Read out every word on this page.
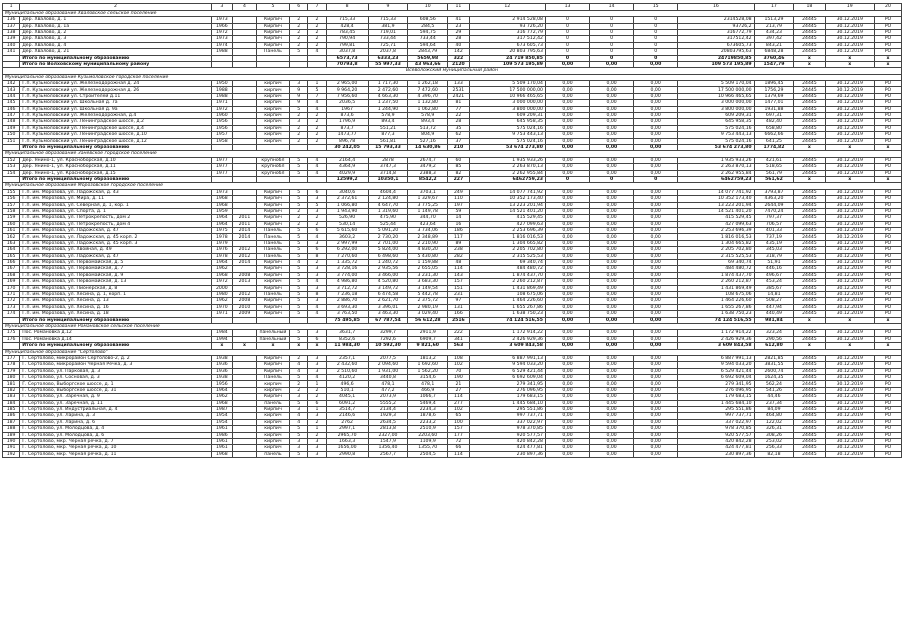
1	2	3	4	5	6	7	8	9	10	11	12	13	14	15	16	17	18	19	20
Муниципальное образование Хваловское сельское поселение																			
136	Дер. Хвалово, д. 1	1973		Кирпич	2	2	715,33	715,33	608,56	41	2 914 528,08	0	0	0	2314528,08	1513,29	24445	30.12.2019	РО
137	Дер. Хвалово, д. 1а	1966		Кирпич	2	2	428,4	381,9	284,5	23	93 726,20	0	0	0	93726,2	213,79	24445	30.12.2019	РО
138	Дер. Хвалово, д. 2	1972		Кирпич	2	2	783,45	719,01	594,75	29	316 772,79	0	0	0	316772,79	434,23	24445	30.12.2019	РО
139	Дер. Хвалово, д. 3	1973		Кирпич	2	2	790,94	733,44	733,44	28	317 512,42	0	0	0	317512,42	397,42	24445	30.12.2019	РО
140	Дер. Хвалово, д. 4	1974		Кирпич	2	2	799,81	725,71	594,64	40	673 605,73	0	0	0	673605,73	843,21	24445	30.12.2019	РО
141	Дер. Хвалово, д. 21	1988		Панель	5	4	3037,8	2037,8	2843,79	142	20 803 795,63	0	0	0	20803795,63	6848,28	24445	30.12.2019	РО
	Итого по муниципальному образованию						6573,73	6333,23	5659,98	322	24 719 850,85	0	0	0	24719850,85	3760,46	х	х	х
	Итого по Волховскому муниципальному району						70793,8	55 997,33	43 963,66	2120	109 573 195,89	0,00	0,00	0,00	109 573 195,89	1547,79	х	х	х
Всеволожский муниципальный район																			
Муниципальное образование Кузьмоловское городское поселение																			
142	Г.п. Кузьмоловский ул. Железнодорожная д. 24	1950		кирпич	3	1	2 965,00	1 717,30	1 262,18	133	5 509 170,04	0,00	0,00	0,00	5 509 170,04	1896,45	24445	30.12.2019	РО
143	Г.п. Кузьмоловский ул. Железнодорожная д. 26	1988		кирпич	9	5	9 964,20	2 472,60	7 472,60	2531	17 500 000,00	0,00	0,00	0,00	17 500 000,00	1756,29	24445	30.12.2019	РО
144	Г.п. Кузьмоловский ул. Строителей д.11	1988		кирпич	9	7	7 956,60	4 663,30	4 396,70	2421	10 966 465,65	0,00	0,00	0,00	10 966 465,65	1379,69	24445	30.12.2019	РО
145	Г.п. Кузьмоловский ул. Школьная д. 7а	1971		кирпич	9	4	2036,5	1 237,50	1 132,80	81	3 000 000,00	0,00	0,00	0,00	3 000 000,00	1477,01	24445	30.12.2019	РО
146	Г.п. Кузьмоловский ул. Школьная д. 9а	1972		кирпич	5	4	1967	1 244,90	1 062,80	77	3 800 000,00	0,00	0,00	0,00	3 800 000,00	1931,88	24445	30.12.2019	РО
147	Г.п. Кузьмоловский ул. Железнодорожная, д.4	1960		кирпич	2	2	873,6	578,9	578,9	22	609 209,31	0,00	0,00	0,00	609 209,31	697,31	24445	30.12.2019	РО
148	Г.п. Кузьмоловский ул. Ленинградское шоссе, д.2	1956		кирпич	3	2	1796,9	893,4	893,4	28	645 958,35	0,00	0,00	0,00	645 958,35	482,40	24445	30.12.2019	РО
149	Г.п. Кузьмоловский ул. Ленинградское шоссе, д.4	1956		кирпич	2	2	873,7	551,21	513,72	35	575 024,16	0,00	0,00	0,00	575 024,16	658,80	24445	30.12.2019	РО
150	Г.п. Кузьмоловский ул. Ленинградское шоссе, д.10	1957		кирпич	2	2	1473,77	877,3	804,9	62	9 753 443,13	0,00	0,00	0,00	9 753 443,13	6662,66	24445	30.12.2019	РО
151	Г.п. Кузьмоловский ул. Ленинградское шоссе, д.12	1958		кирпич	2	2	896,78	561,81	527,16	37	575 024,16	0,00	0,00	0,00	575 024,16	641,25	24445	30.12.2019	РО
	Итого по муниципальному образованию						30 242,05	15 793,33	14 630,86	210	53 674 273,80	0,00	0,00	0,00	53 674 273,80	1774,82	х	х	х
Муниципальное образование Заневское городское поселение																			
152	Дер. Янино-1, ул. Красноборская, д.10	1977		крупнобл	5	4	2164,4	2878	2674,7	60	1 935 933,26	0,00	0,00	0,00	1 935 933,26	421,61	24445	30.12.2019	РО
153	Дер. Янино-1, ул. Красноборская, д.11	1977		крупнобл	5	4	4364,9	3747,3	3479,2	85	2 263 870,13	0,00	0,00	0,00	2 263 870,13	518,65	24445	30.12.2019	РО
154	Дер. Янино-1, ул. Красноборская, д.15	1977		крупнобл	5	4	4029,9	3714,8	2388,3	82	2 262 955,84	0,00	0,00	0,00	2 262 955,84	561,79	24445	30.12.2019	РО
	Итого по муниципальному образованию						12599,2	10350,1	8542,2	227	6462759,23	0	0	0	6462759,23	561,62	х	х	х
Муниципальное образование Морозовское городское поселение																			
155	Г.п. им. Морозова, ул. Ладожская, д. 43	1973		Кирпич	5	6	3040,6	4604,4	3703,1	249	14 077 741,92	0,00	0,00	0,00	14 077 741,92	3793,87	24445	30.12.2019	РО
156	Г.п. им. Морозова, ул. Мира, д. 11	1968		Кирпич	5	3	2 372,61	2 124,80	1 329,67	110	10 352 173,40	0,00	0,00	0,00	10 352 173,40	4363,20	24445	30.12.2019	РО
157	Г.п. им. Морозова, ул. Северная, д. 1, кор. 1	1968		Кирпич	5	5	1 066,80	4 647,70	3 775,25	197	13 223 201,94	0,00	0,00	0,00	13 223 201,94	2644,09	24445	30.12.2019	РО
158	Г.п. им. Морозова, ул. Спорта, д. 1	1959		Кирпич	2	3	1 943,90	1 319,60	1 149,78	59	14 521 401,20	0,00	0,00	0,00	14 521 401,20	7470,24	24445	30.12.2019	РО
159	Г.п. им. Морозова, ул. Петрокрепость, дом 2	1964	2011	Кирпич	2	2	526,90	475,90	344,70	14	415 529,45	0,00	0,00	0,00	415 529,45	797,37	24445	30.12.2019	РО
160	Г.п. им. Морозова, ул. Петрокрепость, дом 4	1964	2011	Кирпич	2	2	530,14	525,44	423,64	16	427 099,63	0,00	0,00	0,00	427 099,63	706,57	24445	30.12.2019	РО
161	Г.п. им. Морозова, ул. Ладожская, д. 47	1975	2014	Панель	5	6	5 615,60	5 091,20	3 734,06	186	2 253 696,39	0,00	0,00	0,00	2 253 696,39	401,33	24445	30.12.2019	РО
162	Г.п. им. Морозова, ул. Ладожская, д. 45 корп. 2	1978	2014	Панель	5	4	3603,2	2 730,20	2 348,89	117	1 816 016,53	0,00	0,00	0,00	1 816 016,53	737,19	24445	30.12.2019	РО
163	Г.п. им. Морозова, ул. Ладожская, д. 45 корп. 3	1979		Панель	5	3	2 997,99	2 701,00	2 210,90	89	1 304 665,82	0,00	0,00	0,00	1 304 665,82	435,19	24445	30.12.2019	РО
164	Г.п. им. Морозова, ул. Хвойная, д. 49	1976	2012	Панель	5	6	6 292,00	5 824,00	4 830,20	238	2 205 702,80	0,00	0,00	0,00	2 205 702,80	345,03	24445	30.12.2019	РО
165	Г.п. им. Морозова, ул. Ладожская, д. 47	1978	2012	Панель	5	8	7 270,60	6 498,60	5 430,80	282	2 315 525,53	0,00	0,00	0,00	2 315 525,53	318,79	24445	30.12.2019	РО
166	Г.п. им. Морозова, ул. Первомайская, д. 5	1964	2014	Кирпич	4	2	1 335,72	1 240,72	1 159,88	48	69 340,74	0,00	0,00	0,00	69 340,74	51,91	24445	30.12.2019	РО
167	Г.п. им. Морозова, ул. Первомайская, д. 7	1962		Кирпич	5	3	3 728,16	2 935,56	2 655,05	114	484 480,72	0,00	0,00	0,00	484 480,72	446,16	24445	30.12.2019	РО
168	Г.п. им. Морозова, ул. Первомайская, д. 9	1968	2008	Кирпич	5	3	3 774,00	3 466,00	3 231,30	143	1 874 437,70	0,00	0,00	0,00	1 874 437,70	496,67	24445	30.12.2019	РО
169	Г.п. им. Морозова, ул. Первомайская, д. 13	1972	2013	кирпич	5	4	4 986,80	4 520,80	3 683,30	157	2 260 212,87	0,00	0,00	0,00	2 260 212,87	453,24	24445	30.12.2019	РО
170	Г.п. им. Морозова, ул. Пионерская, д. 8	2000		Кирпич	5	3	3 712,72	3 149,72	3 149,54	151	1 431 869,49	0,00	0,00	0,00	1 431 869,49	385,67	24445	30.12.2019	РО
171	Г.п. им. Морозова, ул. Хесина, д. 1, корп. 1	1980	2012	Панель	5	8	7 236,18	6 474,58	5 442,78	231	108 675,06	0,00	0,00	0,00	108 675,06	14,81	24445	30.12.2019	РО
172	Г.п. им. Морозова, ул. Хесина, д. 13	1962	2008	Кирпич	5	3	2 886,70	2 621,70	2 375,72	97	1 464 226,60	0,00	0,00	0,00	1 464 226,60	508,27	24445	30.12.2019	РО
173	Г.п. им. Морозова, ул. Хесина, д. 16	1970	2010	Кирпич	5	4	3 693,30	3 396,01	2 980,19	131	1 655 267,86	0,00	0,00	0,00	1 655 267,86	447,94	24445	30.12.2019	РО
174	Г.п. им. Морозова, ул. Хесина, д. 18	1971	2009	Кирпич	5	4	3 763,50	3 463,30	3 029,40	166	1 638 750,23	0,00	0,00	0,00	1 638 750,23	440,49	24445	30.12.2019	РО
	Итого по муниципальному образованию						75 495,85	67 787,54	56 612,28	2516	74 124 516,55	0,00	0,00	0,00	74 124 516,55	981,84	х	х	х
Муниципальное образование Романовское сельское поселение																			
175	Пос. Романовка д.12	1984		панельный	5	3	3631,7	3299,7	2911,9	222	1 172 914,22	0,00	0,00	0,00	1 172 914,22	323,24	24445	30.12.2019	РО
176	Пос. Романовка д.14	1994		панельный	5	6	8352,6	7292,6	6909,7	341	2 426 929,36	0,00	0,00	0,00	2 426 929,36	290,56	24445	30.12.2019	РО
	Итого по муниципальному образованию	х	х	х	х	х	11 984,30	10 592,30	9 821,60	563	3 609 843,58	0,00	0,00	0,00	3 609 843,58	612,80	х	х	х
Муниципальное образование "Сертолово"																			
177	Г. Сертолово, микрорайон Сертолово-2, д. 2	1938		Кирпич	2	3	2357,1	2077,5	1813,2	108	6 887 991,13	0,00	0,00	0,00	6 887 991,13	2821,85	24445	30.12.2019	РО
178	Г. Сертолово, микрорайон Черная Речка, д. 3	1936		Кирпич	4	3	2 432,60	2 094,60	1 692,60	102	9 594 033,20	0,00	0,00	0,00	9 594 033,20	3831,55	24445	30.12.2019	РО
179	Г. Сертолово, ул. Парковая, д. 3	1936		Кирпич	4	3	2 510,60	1 931,00	1 562,20	70	6 529 421,44	0,00	0,00	0,00	6 529 421,44	2600,74	24445	30.12.2019	РО
180	Г. Сертолово, ул. Сосновая, д. 3	1938		Панель	5	4	4120,2	3440,8	3154,6	190	6 692 609,04	0,00	0,00	0,00	6 692 609,04	1624,35	24445	30.12.2019	РО
181	Г. Сертолово, Выборгское шоссе, д. 1	1956		кирпич	2	1	496,6	478,1	478,1	21	279 341,95	0,00	0,00	0,00	279 341,95	562,24	24445	30.12.2019	РО
182	Г. Сертолово, Выборгское шоссе, д. 31	1964		кирпич	2	2	510,1	477,2	466,9	27	276 096,95	0,00	0,00	0,00	276 096,95	541,26	24445	30.12.2019	РО
183	Г. Сертолово, ул. Заречная, д. 9	1962		Кирпич	3	2	4045,1	2073,9	1066,7	114	179 683,15	0,00	0,00	0,00	179 683,15	44,46	24445	30.12.2019	РО
184	Г. Сертолово, ул. Заречная, д. 11	1968		панель	5	6	6091,2	5555,2	5469,4	277	1 445 684,10	0,00	0,00	0,00	1 445 684,10	237,34	24445	30.12.2019	РО
185	Г. Сертолово, ул. Индустриальная, д. 4	1987		Кирпич	3	1	3514,7	2134,4	2234,3	102	295 551,86	0,00	0,00	0,00	295 551,86	84,09	24445	30.12.2019	РО
186	Г. Сертолово, ул. Ларина, д. 3	1954		кирпич	4	3	2146,6	1929,3	1878,6	65	997 737,71	0,00	0,00	0,00	997 737,71	464,80	24445	30.12.2019	РО
187	Г. Сертолово, ул. Ларина, д. 6	1954		кирпич	4	2	2762	2634,5	2233,2	100	337 022,97	0,00	0,00	0,00	337 022,97	122,02	24445	30.12.2019	РО
188	Г. Сертолово, ул. Молодцова, д. 4	1961		кирпич	5	1	2997,1	2813,8	2510,9	157	978 370,85	0,00	0,00	0,00	978 370,85	326,31	24445	30.12.2019	РО
189	Г. Сертолово, ул. Молодцова, д. 6	1986		кирпич	5	2	2965,70	2327,00	2203,60	177	920 577,57	0,00	0,00	0,00	920 577,57	308,26	24445	30.12.2019	РО
190	Г. Сертолово, мкр. Черная речка, д. 7	1961		кирпич	3	3	1663,3	1547,9	1109,9	72	420 842,28	0,00	0,00	0,00	420 842,28	253,02	24445	30.12.2019	РО
191	Г. Сертолово, мкр. Черная речка, д. 10	1961		кирпич	3	3	1656,00	1356,40	1355,70	66	424 477,81	0,00	0,00	0,00	424 477,81	256,33	24445	30.12.2019	РО
192	Г. Сертолово, мкр. Черная речка, д. 11	1968		панель	5	3	2990,8	2567,7	2504,5	114	230 897,36	0,00	0,00	0,00	230 897,36	82,18	24445	30.12.2019	РО
